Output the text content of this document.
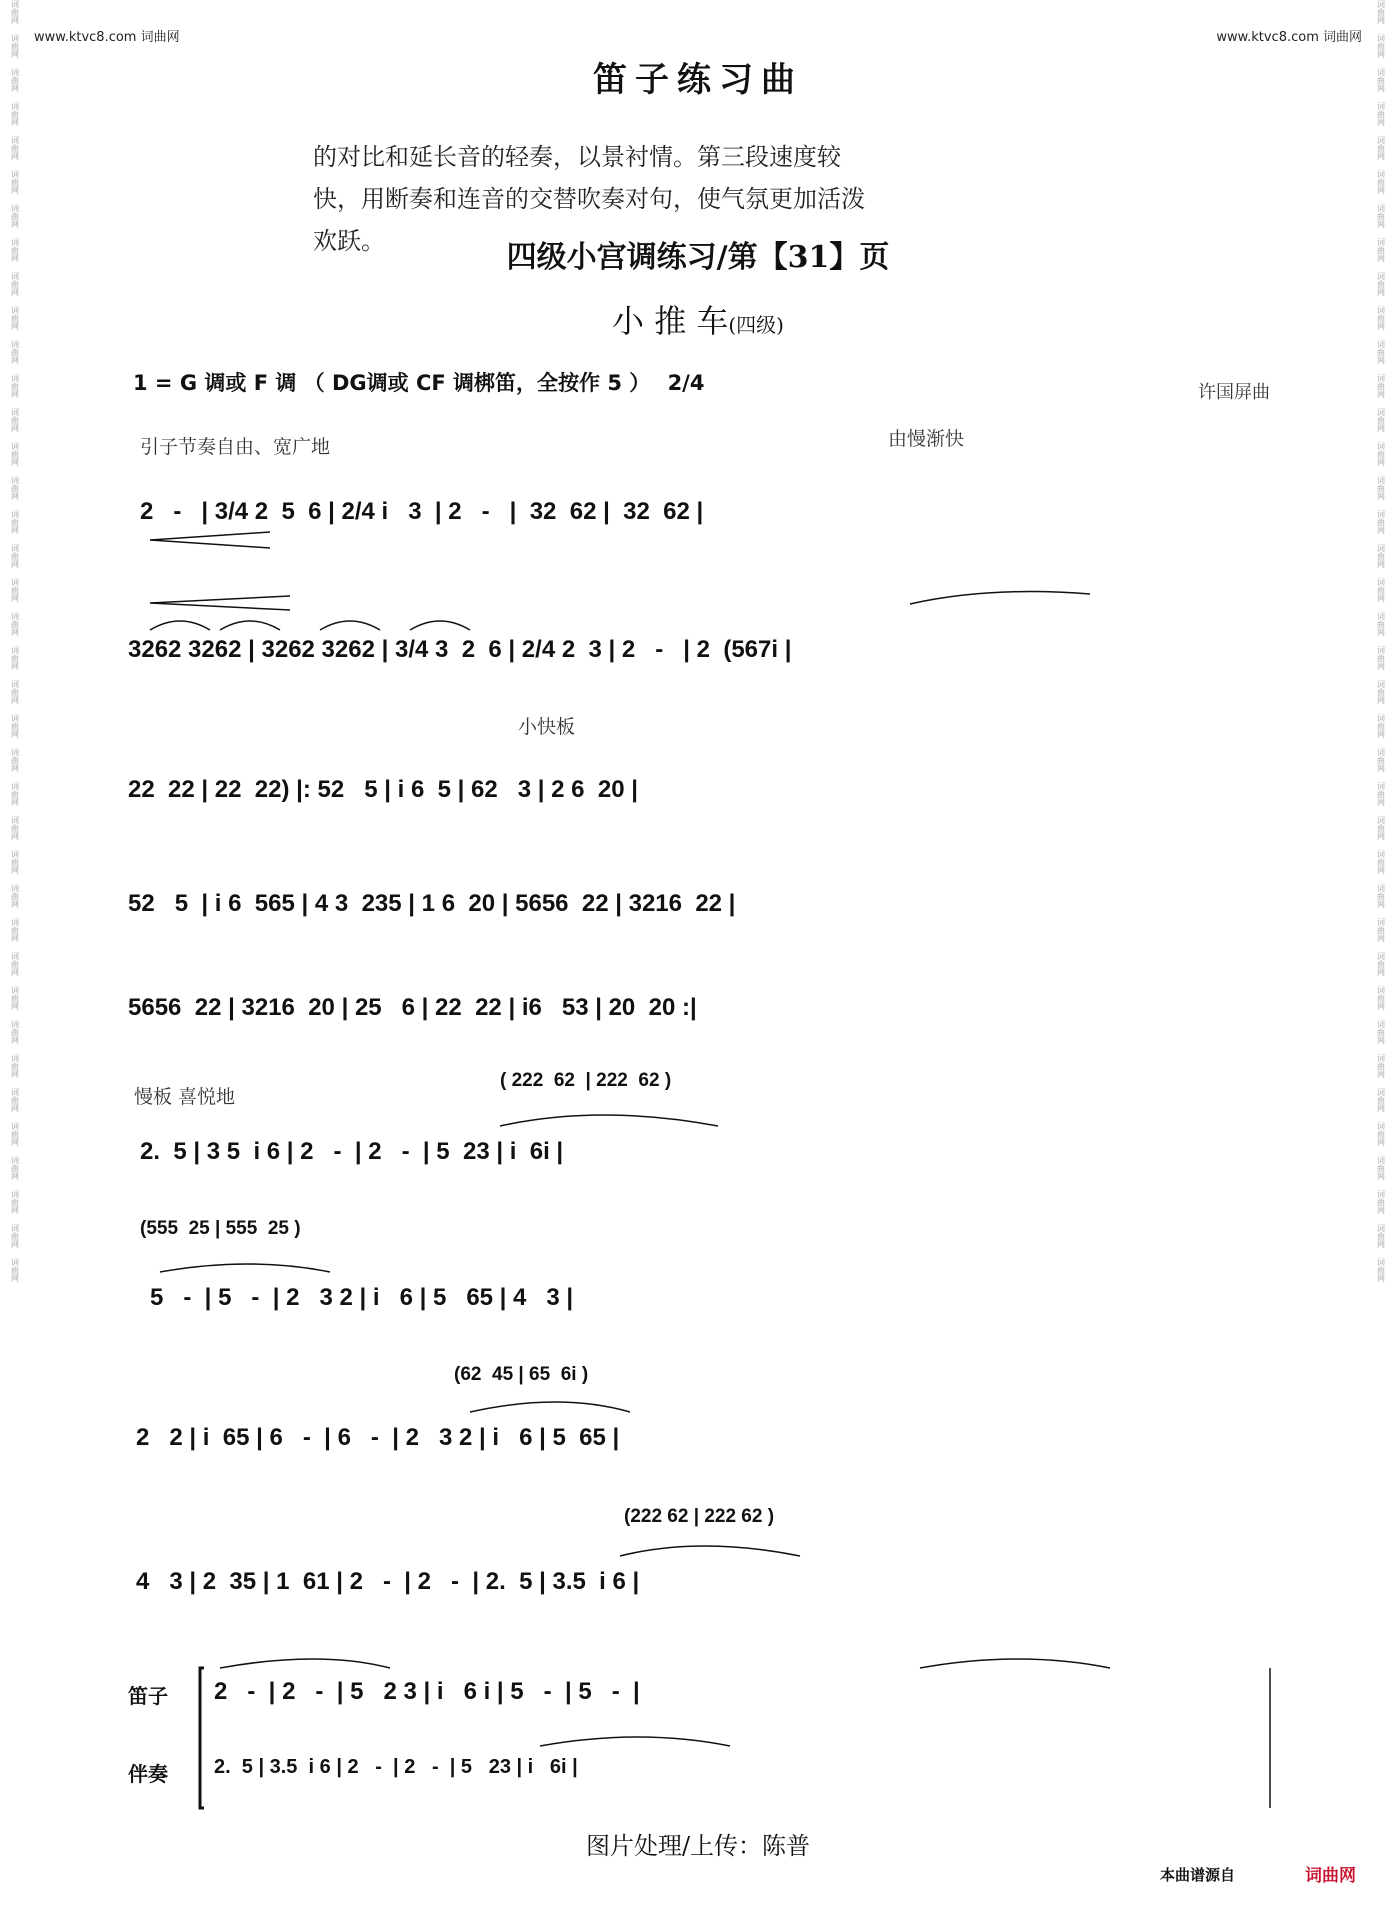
词曲网
词曲网
词曲网
词曲网
词曲网
词曲网
词曲网
词曲网
词曲网
词曲网
词曲网
词曲网
词曲网
词曲网
词曲网
词曲网
词曲网
词曲网
词曲网
词曲网
词曲网
词曲网
词曲网
词曲网
词曲网
词曲网
词曲网
词曲网
词曲网
词曲网
词曲网
词曲网
词曲网
词曲网
词曲网
词曲网
词曲网
词曲网
词曲网
词曲网
词曲网
词曲网
词曲网
词曲网
词曲网
词曲网
词曲网
词曲网
词曲网
词曲网
词曲网
词曲网
词曲网
词曲网
词曲网
词曲网
词曲网
词曲网
词曲网
词曲网
词曲网
词曲网
词曲网
词曲网
词曲网
词曲网
词曲网
词曲网
词曲网
词曲网
词曲网
词曲网
词曲网
词曲网
词曲网
词曲网
www.ktvc8.com 词曲网	www.ktvc8.com 词曲网
笛子练习曲
的对比和延长音的轻奏，以景衬情。第三段速度较
快，用断奏和连音的交替吹奏对句，使气氛更加活泼
欢跃。	四级小宫调练习/第【31】页
小 推 车(四级)
1 = G 调或 F 调 （ DG调或 CF 调梆笛，全按作 5 ） 2/4	许国屏曲
引子节奏自由、宽广地	由慢渐快
小快板
慢板 喜悦地
2   -   | 3/4 2  5  6 | 2/4 i   3  | 2   -   |  32  62 |  32  62 |
3262 3262 | 3262 3262 | 3/4 3  2  6 | 2/4 2  3 | 2   -   | 2  (567i |
22  22 | 22  22) |: 52   5 | i 6  5 | 62   3 | 2 6  20 |
52   5  | i 6  565 | 4 3  235 | 1 6  20 | 5656  22 | 3216  22 |
5656  22 | 3216  20 | 25   6 | 22  22 | i6   53 | 20  20 :|
( 222  62  | 222  62 )
2.  5 | 3 5  i 6 | 2   -  | 2   -  | 5  23 | i  6i |
(555  25 | 555  25 )
5   -  | 5   -  | 2   3 2 | i   6 | 5   65 | 4   3 |
(62  45 | 65  6i )
2   2 | i  65 | 6   -  | 6   -  | 2   3 2 | i   6 | 5  65 |
(222 62 | 222 62 )
4   3 | 2  35 | 1  61 | 2   -  | 2   -  | 2.  5 | 3.5  i 6 |
笛子
伴奏
2   -  | 2   -  | 5   2 3 | i   6 i | 5   -  | 5   -  |
2.  5 | 3.5  i 6 | 2   -  | 2   -  | 5   23 | i   6i |
图片处理/上传：陈普
本曲谱源自	词曲网
